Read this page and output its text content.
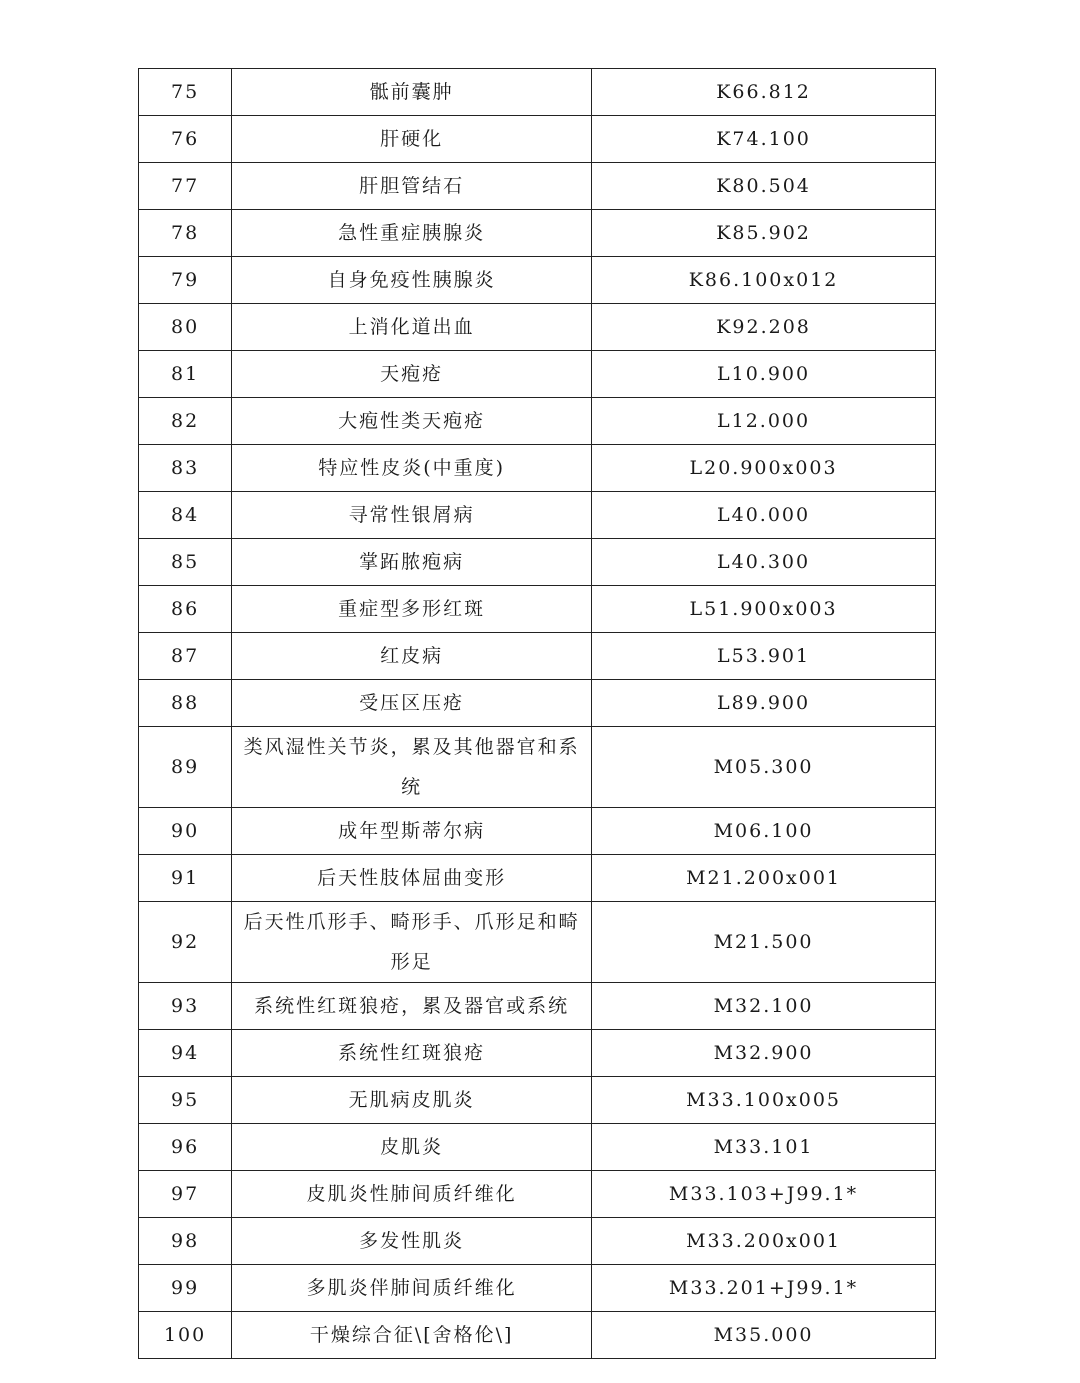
75	骶前囊肿	K66.812
76	肝硬化	K74.100
77	肝胆管结石	K80.504
78	急性重症胰腺炎	K85.902
79	自身免疫性胰腺炎	K86.100x012
80	上消化道出血	K92.208
81	天疱疮	L10.900
82	大疱性类天疱疮	L12.000
83	特应性皮炎(中重度)	L20.900x003
84	寻常性银屑病	L40.000
85	掌跖脓疱病	L40.300
86	重症型多形红斑	L51.900x003
87	红皮病	L53.901
88	受压区压疮	L89.900
89	类风湿性关节炎，累及其他器官和系统	M05.300
90	成年型斯蒂尔病	M06.100
91	后天性肢体屈曲变形	M21.200x001
92	后天性爪形手、畸形手、爪形足和畸形足	M21.500
93	系统性红斑狼疮，累及器官或系统	M32.100
94	系统性红斑狼疮	M32.900
95	无肌病皮肌炎	M33.100x005
96	皮肌炎	M33.101
97	皮肌炎性肺间质纤维化	M33.103+J99.1*
98	多发性肌炎	M33.200x001
99	多肌炎伴肺间质纤维化	M33.201+J99.1*
100	干燥综合征\[舍格伦\]	M35.000
